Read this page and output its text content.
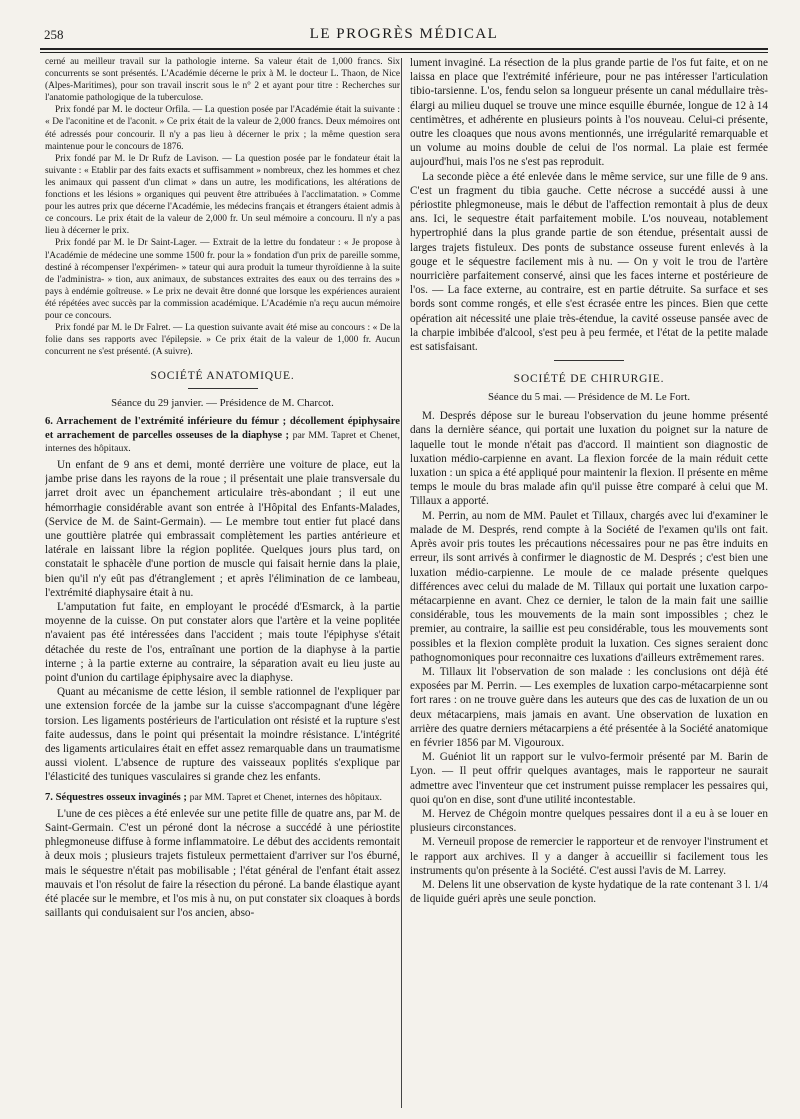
258	LE PROGRÈS MÉDICAL

cerné au meilleur travail sur la pathologie interne. Sa valeur était de 1,000 francs. Six concurrents se sont présentés. L'Académie décerne le prix à M. le docteur L. Thaon, de Nice (Alpes-Maritimes), pour son travail inscrit sous le n° 2 et ayant pour titre : Recherches sur l'anatomie pathologique de la tuberculose.

Prix fondé par M. le docteur Orfila. — La question posée par l'Académie était la suivante : « De l'aconitine et de l'aconit. » Ce prix était de la valeur de 2,000 francs. Deux mémoires ont été adressés pour concourir. Il n'y a pas lieu à décerner le prix ; la même question sera maintenue pour le concours de 1876.

Prix fondé par M. le Dr Rufz de Lavison. — La question posée par le fondateur était la suivante : « Etablir par des faits exacts et suffisamment » nombreux, chez les hommes et chez les animaux qui passent d'un climat » dans un autre, les modifications, les altérations de fonctions et les lésions » organiques qui peuvent être attribuées à l'acclimatation. » Comme pour les autres prix que décerne l'Académie, les médecins français et étrangers étaient admis à ce concours. Le prix était de la valeur de 2,000 fr. Un seul mémoire a concouru. Il n'y a pas lieu à décerner le prix.

Prix fondé par M. le Dr Saint-Lager. — Extrait de la lettre du fondateur : « Je propose à l'Académie de médecine une somme 1500 fr. pour la » fondation d'un prix de pareille somme, destiné à récompenser l'expérimen- » tateur qui aura produit la tumeur thyroïdienne à la suite de l'administra- » tion, aux animaux, de substances extraites des eaux ou des terrains des » pays à endémie goîtreuse. » Le prix ne devait être donné que lorsque les expériences auraient été répétées avec succès par la commission académique. L'Académie n'a reçu aucun mémoire pour ce concours.

Prix fondé par M. le Dr Falret. — La question suivante avait été mise au concours : « De la folie dans ses rapports avec l'épilepsie. » Ce prix était de la valeur de 1,000 fr. Aucun concurrent ne s'est présenté. (A suivre).

SOCIÉTÉ ANATOMIQUE.
Séance du 29 janvier. — Présidence de M. Charcot.
6. Arrachement de l'extrémité inférieure du fémur ; décollement épiphysaire et arrachement de parcelles osseuses de la diaphyse ; par MM. Tapret et Chenet, internes des hôpitaux.

Un enfant de 9 ans et demi, monté derrière une voiture de place, eut la jambe prise dans les rayons de la roue ; il présentait une plaie transversale du jarret droit avec un épanchement articulaire très-abondant ; il eut une hémorrhagie considérable avant son entrée à l'Hôpital des Enfants-Malades, (Service de M. de Saint-Germain). — Le membre tout entier fut placé dans une gouttière platrée qui embrassait complètement les parties antérieure et latérale en laissant libre la région poplitée. Quelques jours plus tard, on constatait le sphacèle d'une portion de muscle qui faisait hernie dans la plaie, bien qu'il n'y eût pas d'étranglement ; et après l'élimination de ce lambeau, l'extrémité diaphysaire était à nu.

L'amputation fut faite, en employant le procédé d'Esmarck, à la partie moyenne de la cuisse. On put constater alors que l'artère et la veine poplitée n'avaient pas été intéressées dans l'accident ; mais toute l'épiphyse s'était détachée du reste de l'os, entraînant une portion de la diaphyse à la partie interne ; à la partie externe au contraire, la séparation avait eu lieu juste au point d'union du cartilage épiphysaire avec la diaphyse.

Quant au mécanisme de cette lésion, il semble rationnel de l'expliquer par une extension forcée de la jambe sur la cuisse s'accompagnant d'une légère torsion. Les ligaments postérieurs de l'articulation ont résisté et la rupture s'est faite audessus, dans le point qui présentait la moindre résistance. L'intégrité des ligaments articulaires était en effet assez remarquable dans un traumatisme aussi violent. L'absence de rupture des vaisseaux poplités s'explique par l'élasticité des tuniques vasculaires si grande chez les enfants.

7. Séquestres osseux invaginés ; par MM. Tapret et Chenet, internes des hôpitaux.

L'une de ces pièces a été enlevée sur une petite fille de quatre ans, par M. de Saint-Germain. C'est un péroné dont la nécrose a succédé à une périostite phlegmoneuse diffuse à forme inflammatoire. Le début des accidents remontait à deux mois ; plusieurs trajets fistuleux permettaient d'arriver sur l'os éburné, mais le séquestre n'était pas mobilisable ; l'état général de l'enfant était assez mauvais et l'on résolut de faire la résection du péroné. La bande élastique ayant été placée sur le membre, et l'os mis à nu, on put constater six cloaques à bords saillants qui conduisaient sur l'os ancien, abso-

lument invaginé. La résection de la plus grande partie de l'os fut faite, et on ne laissa en place que l'extrémité inférieure, pour ne pas intéresser l'articulation tibio-tarsienne. L'os, fendu selon sa longueur présente un canal médullaire très-élargi au milieu duquel se trouve une mince esquille éburnée, longue de 12 à 14 centimètres, et adhérente en plusieurs points à l'os nouveau. Celui-ci présente, outre les cloaques que nous avons mentionnés, une irrégularité remarquable et un volume au moins double de celui de l'os normal. La plaie est fermée aujourd'hui, mais l'os ne s'est pas reproduit.

La seconde pièce a été enlevée dans le même service, sur une fille de 9 ans. C'est un fragment du tibia gauche. Cette nécrose a succédé aussi à une périostite phlegmoneuse, mais le début de l'affection remontait à plus de deux ans. Ici, le sequestre était parfaitement mobile. L'os nouveau, notablement hypertrophié dans la plus grande partie de son étendue, présentait aussi de larges trajets fistuleux. Des ponts de substance osseuse furent enlevés à la gouge et le séquestre facilement mis à nu. — On y voit le trou de l'artère nourricière parfaitement conservé, ainsi que les faces interne et postérieure de l'os. — La face externe, au contraire, est en partie détruite. Sa surface et ses bords sont comme rongés, et elle s'est écrasée entre les pinces. Bien que cette opération ait nécessité une plaie très-étendue, la cavité osseuse pansée avec de la charpie imbibée d'alcool, s'est peu à peu fermée, et l'état de la petite malade est satisfaisant.

SOCIÉTÉ DE CHIRURGIE.
Séance du 5 mai. — Présidence de M. Le Fort.

M. Després dépose sur le bureau l'observation du jeune homme présenté dans la dernière séance, qui portait une luxation du poignet sur la nature de laquelle tout le monde n'était pas d'accord. Il maintient son diagnostic de luxation médio-carpienne en avant. La flexion forcée de la main réduit cette luxation : un spica a été appliqué pour maintenir la flexion. Il présente en même temps le moule du bras malade afin qu'il puisse être comparé à celui que M. Tillaux a apporté.

M. Perrin, au nom de MM. Paulet et Tillaux, chargés avec lui d'examiner le malade de M. Després, rend compte à la Société de l'examen qu'ils ont fait. Après avoir pris toutes les précautions nécessaires pour ne pas être induits en erreur, ils sont arrivés à confirmer le diagnostic de M. Després ; c'est bien une luxation médio-carpienne. Le moule de ce malade présente quelques différences avec celui du malade de M. Tillaux qui portait une luxation carpo-métacarpienne en avant. Chez ce dernier, le talon de la main fait une saillie considérable, tous les mouvements de la main sont impossibles ; chez le premier, au contraire, la saillie est peu considérable, tous les mouvements sont possibles et la flexion complète produit la luxation. Ces signes seraient donc pathognomoniques pour reconnaitre ces luxations d'ailleurs extrêmement rares.

M. Tillaux lit l'observation de son malade : les conclusions ont déjà été exposées par M. Perrin. — Les exemples de luxation carpo-métacarpienne sont fort rares : on ne trouve guère dans les auteurs que des cas de luxation de un ou deux métacarpiens, mais jamais en avant. Une observation de luxation en arrière des quatre derniers métacarpiens a été présentée à la Société anatomique en février 1856 par M. Vigouroux.

M. Guéniot lit un rapport sur le vulvo-fermoir présenté par M. Barin de Lyon. — Il peut offrir quelques avantages, mais le rapporteur ne saurait admettre avec l'inventeur que cet instrument puisse remplacer les pessaires qui, quoi qu'on en dise, sont d'une utilité incontestable.

M. Hervez de Chégoin montre quelques pessaires dont il a eu à se louer en plusieurs circonstances.

M. Verneuil propose de remercier le rapporteur et de renvoyer l'instrument et le rapport aux archives. Il y a danger à accueillir si facilement tous les instruments qu'on présente à la Société. C'est aussi l'avis de M. Larrey.

M. Delens lit une observation de kyste hydatique de la rate contenant 3 l. 1/4 de liquide guéri après une seule ponction.
